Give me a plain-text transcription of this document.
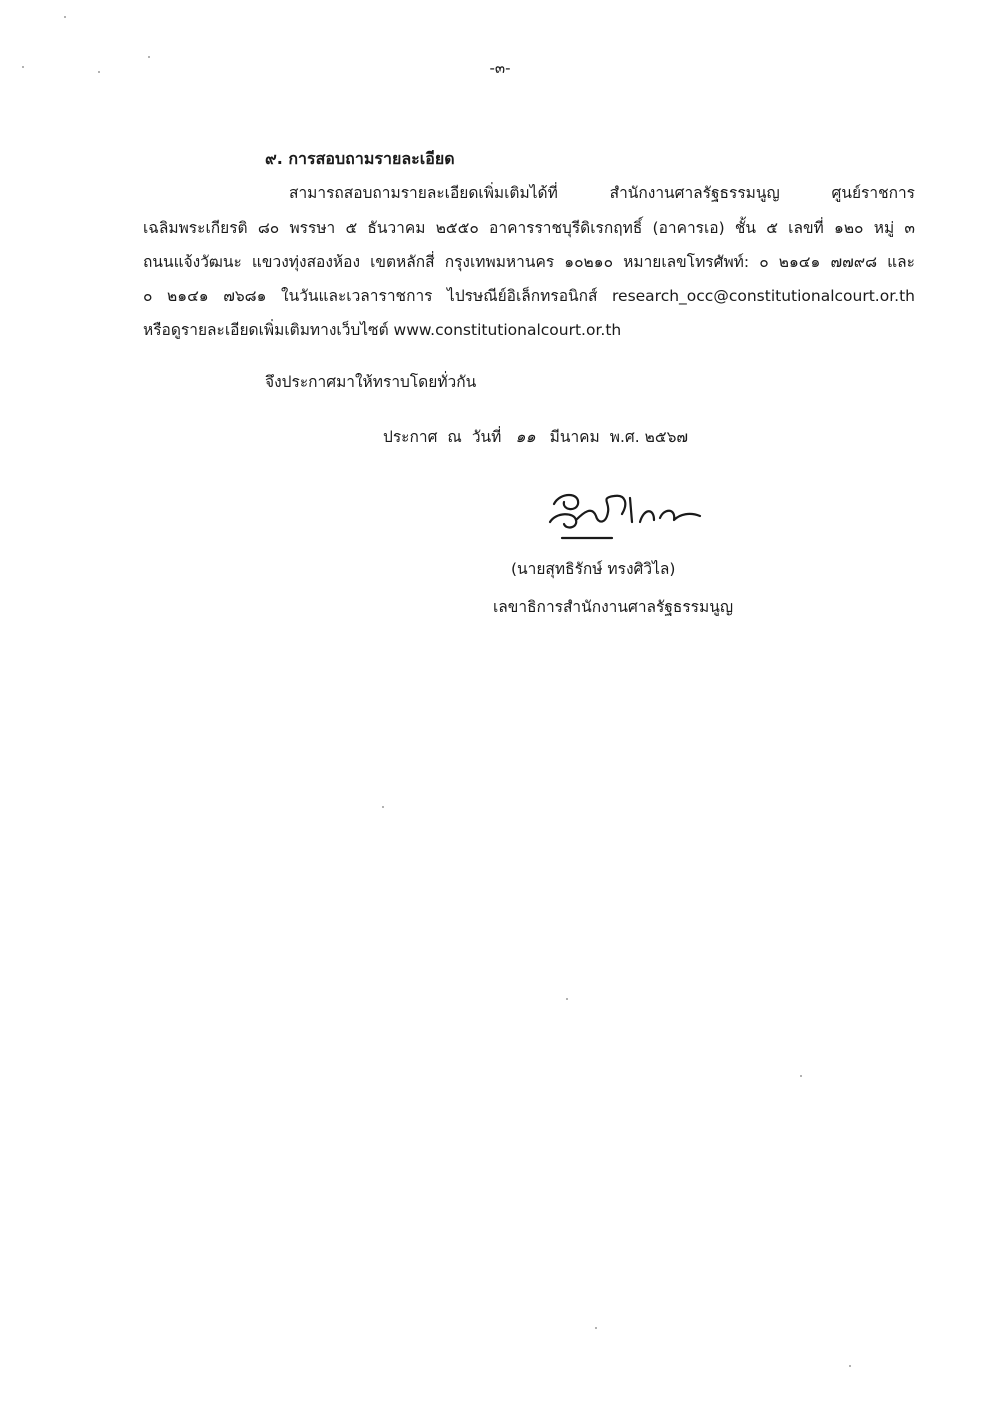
-๓-
๙. การสอบถามรายละเอียด
สามารถสอบถามรายละเอียดเพิ่มเติมได้ที่ สำนักงานศาลรัฐธรรมนูญ ศูนย์ราชการ
เฉลิมพระเกียรติ ๘๐ พรรษา ๕ ธันวาคม ๒๕๕๐ อาคารราชบุรีดิเรกฤทธิ์ (อาคารเอ) ชั้น ๕ เลขที่ ๑๒๐ หมู่ ๓
ถนนแจ้งวัฒนะ แขวงทุ่งสองห้อง เขตหลักสี่ กรุงเทพมหานคร ๑๐๒๑๐ หมายเลขโทรศัพท์: ๐ ๒๑๔๑ ๗๗๙๘ และ
๐ ๒๑๔๑ ๗๖๘๑ ในวันและเวลาราชการ ไปรษณีย์อิเล็กทรอนิกส์ research_occ@constitutionalcourt.or.th
หรือดูรายละเอียดเพิ่มเติมทางเว็บไซต์ www.constitutionalcourt.or.th
จึงประกาศมาให้ทราบโดยทั่วกัน
ประกาศ ณ วันที่ ๑๑ มีนาคม พ.ศ. ๒๕๖๗
(นายสุทธิรักษ์ ทรงศิวิไล)
เลขาธิการสำนักงานศาลรัฐธรรมนูญ
